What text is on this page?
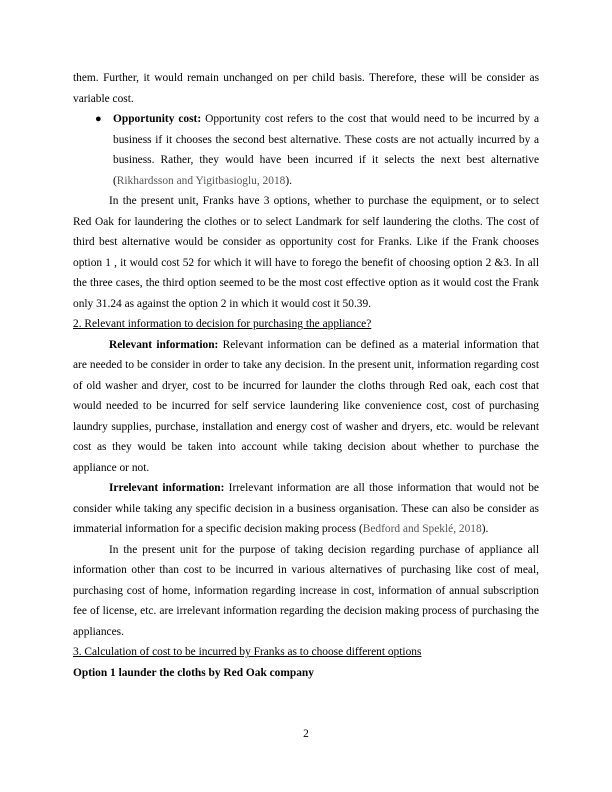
them. Further, it would remain unchanged on per child basis. Therefore, these will be consider as variable cost.

● Opportunity cost: Opportunity cost refers to the cost that would need to be incurred by a business if it chooses the second best alternative. These costs are not actually incurred by a business. Rather, they would have been incurred if it selects the next best alternative (Rikhardsson and Yigitbasioglu, 2018).

In the present unit, Franks have 3 options, whether to purchase the equipment, or to select Red Oak for laundering the clothes or to select Landmark for self laundering the cloths. The cost of third best alternative would be consider as opportunity cost for Franks. Like if the Frank chooses option 1 , it would cost 52 for which it will have to forego the benefit of choosing option 2 &3. In all the three cases, the third option seemed to be the most cost effective option as it would cost the Frank only 31.24 as against the option 2 in which it would cost it 50.39.

2. Relevant information to decision for purchasing the appliance?

Relevant information: Relevant information can be defined as a material information that are needed to be consider in order to take any decision. In the present unit, information regarding cost of old washer and dryer, cost to be incurred for launder the cloths through Red oak, each cost that would needed to be incurred for self service laundering like convenience cost, cost of purchasing laundry supplies, purchase, installation and energy cost of washer and dryers, etc. would be relevant cost as they would be taken into account while taking decision about whether to purchase the appliance or not.

Irrelevant information: Irrelevant information are all those information that would not be consider while taking any specific decision in a business organisation. These can also be consider as immaterial information for a specific decision making process (Bedford and Speklé, 2018).

In the present unit for the purpose of taking decision regarding purchase of appliance all information other than cost to be incurred in various alternatives of purchasing like cost of meal, purchasing cost of home, information regarding increase in cost, information of annual subscription fee of license, etc. are irrelevant information regarding the decision making process of purchasing the appliances.

3. Calculation of cost to be incurred by Franks as to choose different options

Option 1 launder the cloths by Red Oak company

2
